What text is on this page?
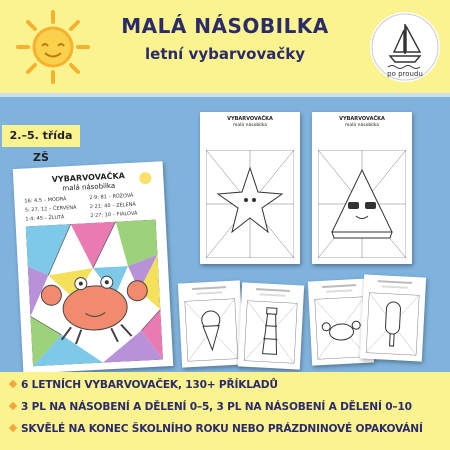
MALÁ NÁSOBILKA
letní vybarvovačky
po proudu
2.–5. třída ZŠ
VYBARVOVAČKA
malá násobilka
16: 4.5 – MODRÁ	2·9: 81 – RŮŽOVÁ
5: 27. 12 – ČERVENÁ	2·21: 40 – ZELENÁ
1·4: 45 – ŽLUTÁ	2·27: 10 – FIALOVÁ
VYBARVOVAČKA
malá násobilka
VYBARVOVAČKA
malá násobilka
6 LETNÍCH VYBARVOVAČEK, 130+ PŘÍKLADŮ
3 PL NA NÁSOBENÍ A DĚLENÍ 0–5, 3 PL NA NÁSOBENÍ A DĚLENÍ 0–10
SKVĚLÉ NA KONEC ŠKOLNÍHO ROKU NEBO PRÁZDNINOVÉ OPAKOVÁNÍ
